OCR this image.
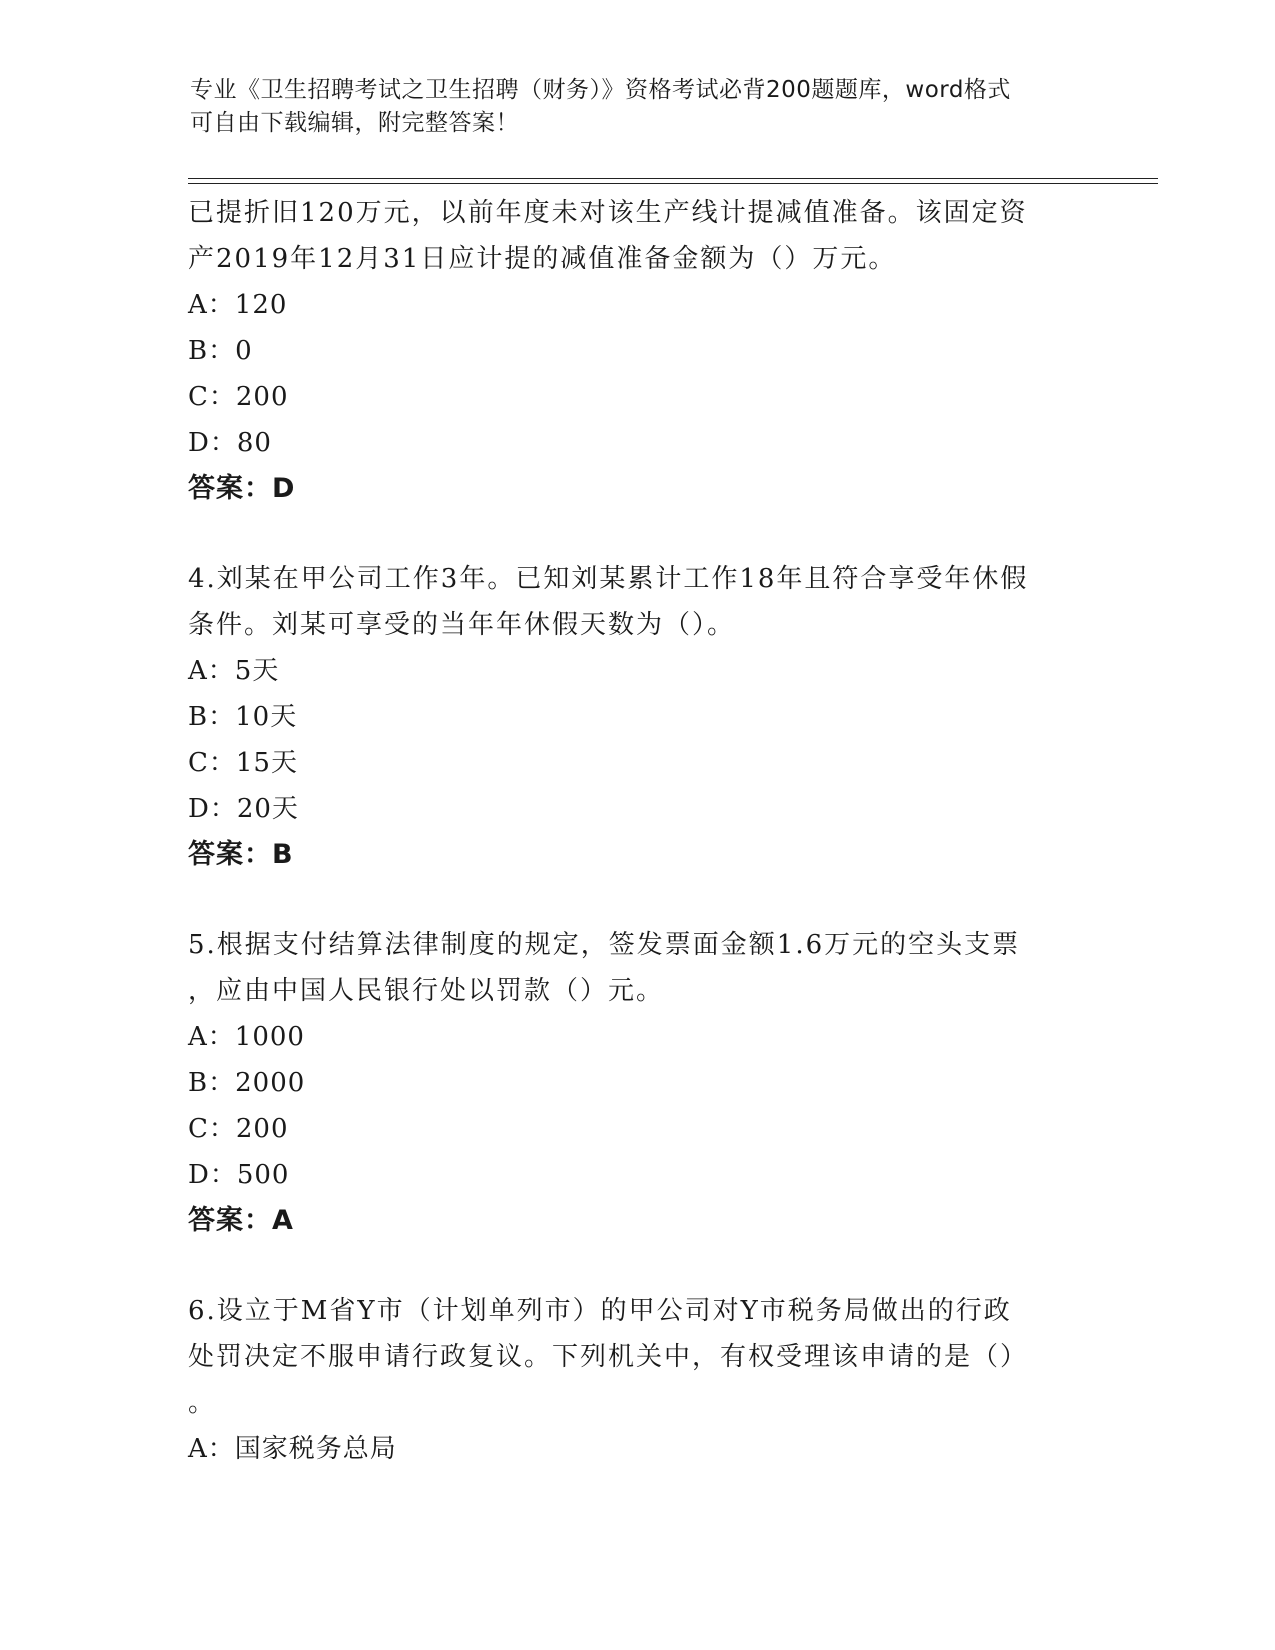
专业《卫生招聘考试之卫生招聘（财务）》资格考试必背200题题库，word格式
可自由下载编辑，附完整答案！
已提折旧120万元，以前年度未对该生产线计提减值准备。该固定资
产2019年12月31日应计提的减值准备金额为（）万元。
A：120
B：0
C：200
D：80
答案：D
4.刘某在甲公司工作3年。已知刘某累计工作18年且符合享受年休假
条件。刘某可享受的当年年休假天数为（）。
A：5天
B：10天
C：15天
D：20天
答案：B
5.根据支付结算法律制度的规定，签发票面金额1.6万元的空头支票
，应由中国人民银行处以罚款（）元。
A：1000
B：2000
C：200
D：500
答案：A
6.设立于M省Y市（计划单列市）的甲公司对Y市税务局做出的行政
处罚决定不服申请行政复议。下列机关中，有权受理该申请的是（）
。
A：国家税务总局
